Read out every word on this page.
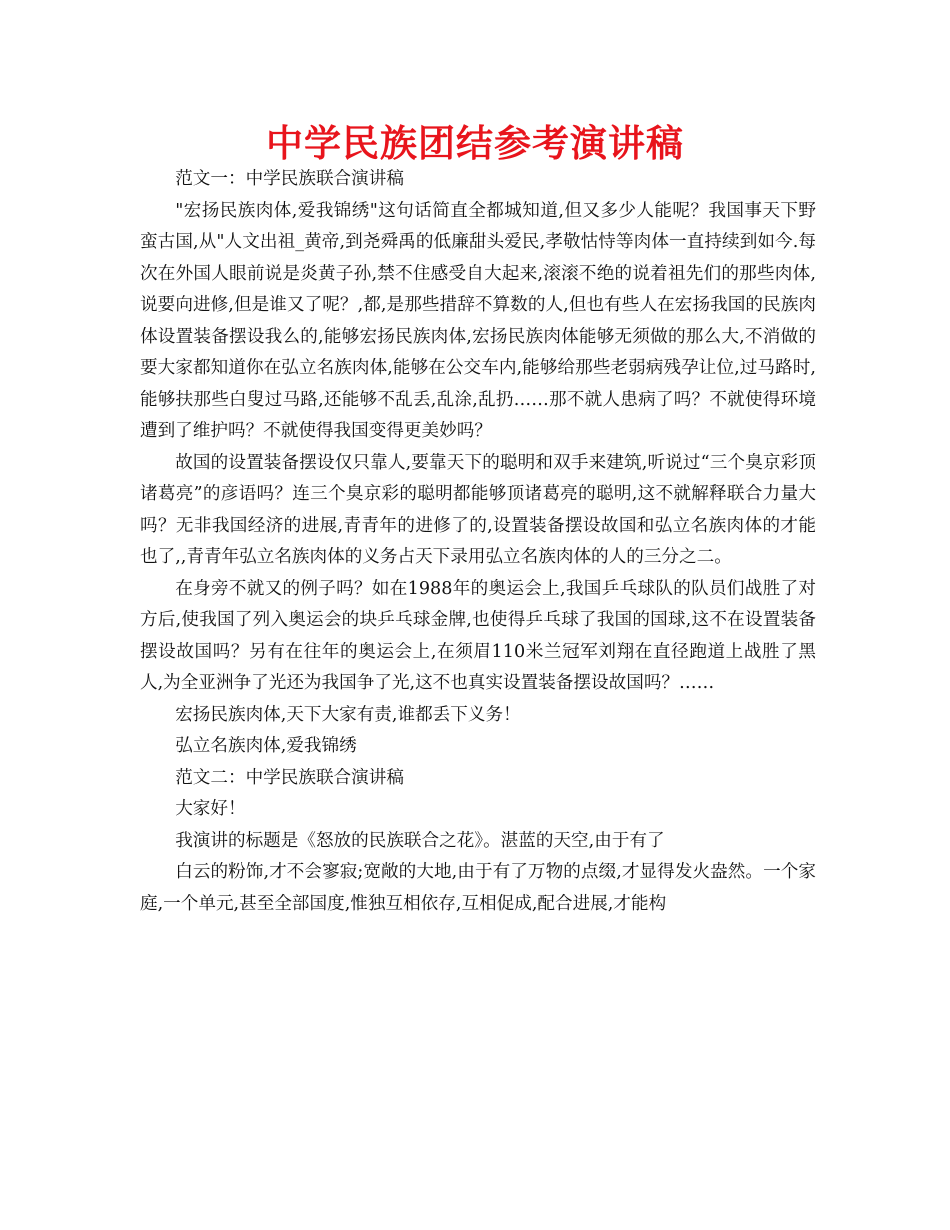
中学民族团结参考演讲稿

范文一：中学民族联合演讲稿

"宏扬民族肉体,爱我锦绣"这句话简直全都城知道,但又多少人能呢？我国事天下野蛮古国,从"人文出祖_黄帝,到尧舜禹的低廉甜头爱民,孝敬怙恃等肉体一直持续到如今.每次在外国人眼前说是炎黄子孙,禁不住感受自大起来,滚滚不绝的说着祖先们的那些肉体,说要向进修,但是谁又了呢？,都,是那些措辞不算数的人,但也有些人在宏扬我国的民族肉体设置装备摆设我么的,能够宏扬民族肉体,宏扬民族肉体能够无须做的那么大,不消做的要大家都知道你在弘立名族肉体,能够在公交车内,能够给那些老弱病残孕让位,过马路时,能够扶那些白叟过马路,还能够不乱丢,乱涂,乱扔……那不就人患病了吗？不就使得环境遭到了维护吗？不就使得我国变得更美妙吗？

故国的设置装备摆设仅只靠人,要靠天下的聪明和双手来建筑,听说过“三个臭京彩顶诸葛亮”的彦语吗？连三个臭京彩的聪明都能够顶诸葛亮的聪明,这不就解释联合力量大吗？无非我国经济的进展,青青年的进修了的,设置装备摆设故国和弘立名族肉体的才能也了,,青青年弘立名族肉体的义务占天下录用弘立名族肉体的人的三分之二。

在身旁不就又的例子吗？如在1988年的奥运会上,我国乒乓球队的队员们战胜了对方后,使我国了列入奥运会的块乒乓球金牌,也使得乒乓球了我国的国球,这不在设置装备摆设故国吗？另有在往年的奥运会上,在须眉110米兰冠军刘翔在直径跑道上战胜了黑人,为全亚洲争了光还为我国争了光,这不也真实设置装备摆设故国吗？……

宏扬民族肉体,天下大家有责,谁都丢下义务！

弘立名族肉体,爱我锦绣

范文二：中学民族联合演讲稿

大家好！

我演讲的标题是《怒放的民族联合之花》。湛蓝的天空,由于有了

白云的粉饰,才不会寥寂;宽敞的大地,由于有了万物的点缀,才显得发火盎然。一个家庭,一个单元,甚至全部国度,惟独互相依存,互相促成,配合进展,才能构
